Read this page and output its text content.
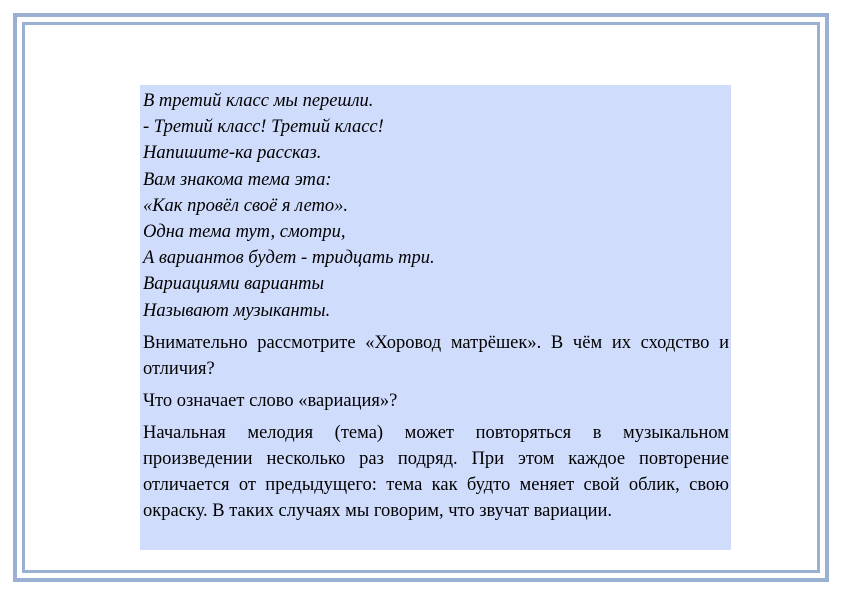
В третий класс мы перешли.
- Третий класс! Третий класс!
Напишите-ка рассказ.
Вам знакома тема эта:
«Как провёл своё я лето».
Одна тема тут, смотри,
А вариантов будет - тридцать три.
Вариациями варианты
Называют музыканты.

Внимательно рассмотрите «Хоровод матрёшек». В чём их сходство и отличия?

Что означает слово «вариация»?

Начальная мелодия (тема) может повторяться в музыкальном произведении несколько раз подряд. При этом каждое повторение отличается от предыдущего: тема как будто меняет свой облик, свою окраску. В таких случаях мы говорим, что звучат вариации.
